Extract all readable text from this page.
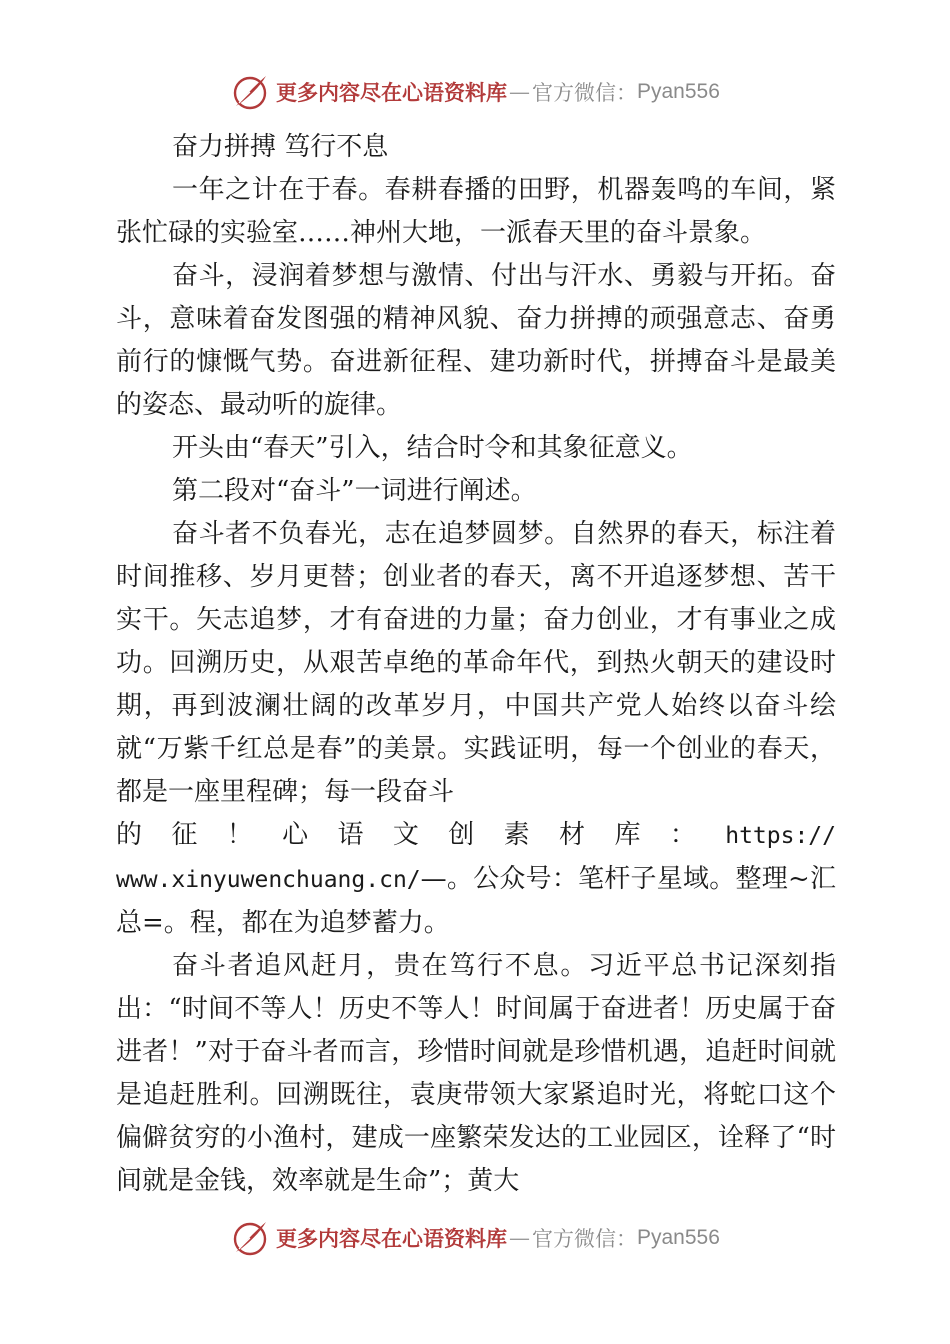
更多内容尽在心语资料库 — 官方微信： Pyan556

奋力拼搏 笃行不息

一年之计在于春。春耕春播的田野，机器轰鸣的车间，紧张忙碌的实验室……神州大地，一派春天里的奋斗景象。

奋斗，浸润着梦想与激情、付出与汗水、勇毅与开拓。奋斗，意味着奋发图强的精神风貌、奋力拼搏的顽强意志、奋勇前行的慷慨气势。奋进新征程、建功新时代，拼搏奋斗是最美的姿态、最动听的旋律。

开头由“春天”引入，结合时令和其象征意义。

第二段对“奋斗”一词进行阐述。

奋斗者不负春光，志在追梦圆梦。自然界的春天，标注着时间推移、岁月更替；创业者的春天，离不开追逐梦想、苦干实干。矢志追梦，才有奋进的力量；奋力创业，才有事业之成功。回溯历史，从艰苦卓绝的革命年代，到热火朝天的建设时期，再到波澜壮阔的改革岁月，中国共产党人始终以奋斗绘就“万紫千红总是春”的美景。实践证明，每一个创业的春天，都是一座里程碑；每一段奋斗

的 征 ！ 心 语 文 创 素 材 库 ： https://

www.xinyuwenchuang.cn/—。公众号：笔杆子星域。整理~汇总=。程，都在为追梦蓄力。

奋斗者追风赶月，贵在笃行不息。习近平总书记深刻指出：“时间不等人！历史不等人！时间属于奋进者！历史属于奋进者！”对于奋斗者而言，珍惜时间就是珍惜机遇，追赶时间就是追赶胜利。回溯既往，袁庚带领大家紧追时光，将蛇口这个偏僻贫穷的小渔村，建成一座繁荣发达的工业园区，诠释了“时间就是金钱，效率就是生命”；黄大

更多内容尽在心语资料库 — 官方微信： Pyan556
